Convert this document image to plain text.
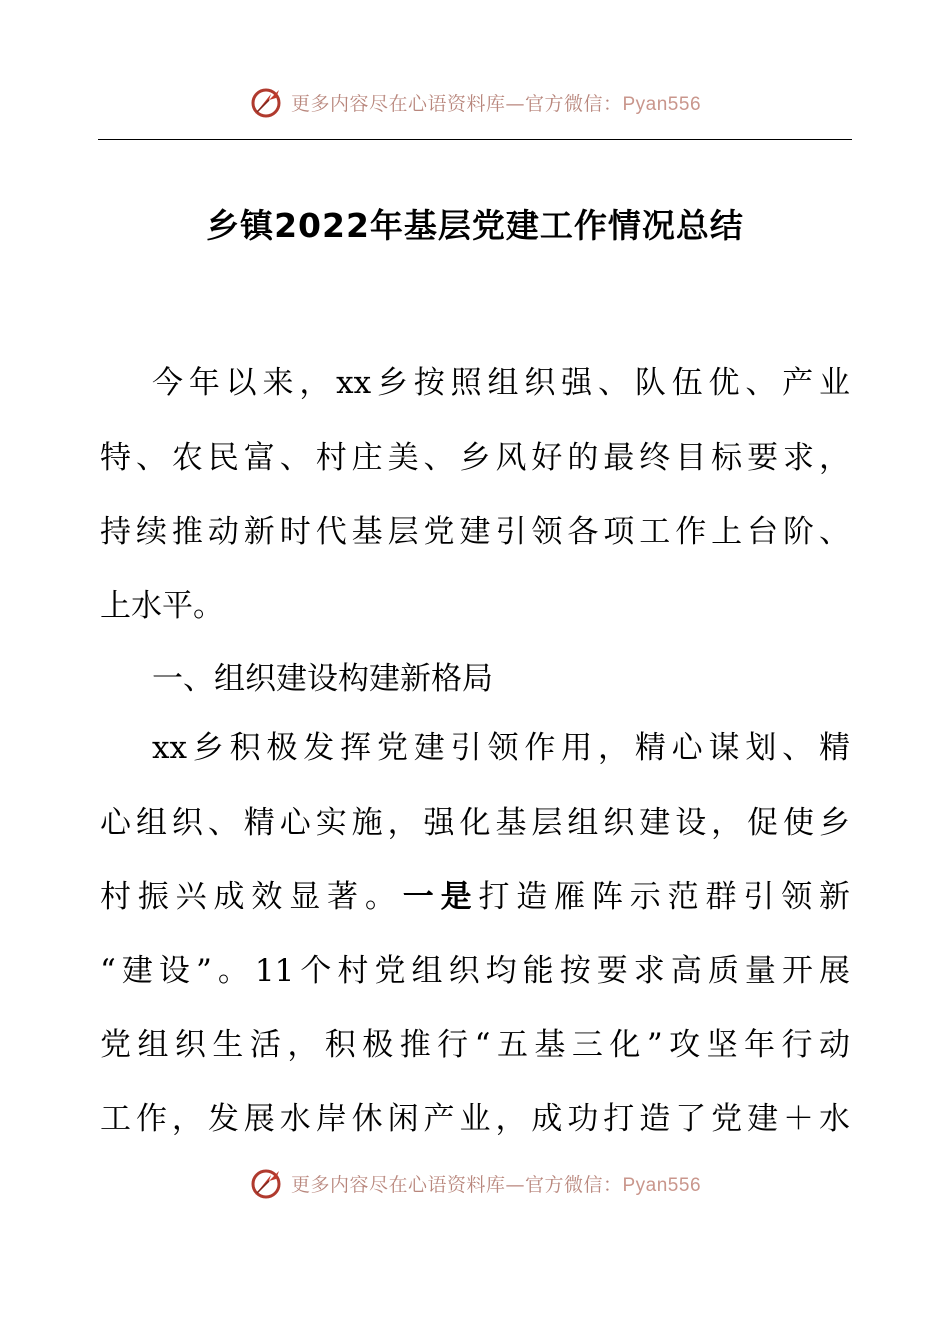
更多内容尽在心语资料库—官方微信：Pyan556
乡镇2022年基层党建工作情况总结
今年以来，xx乡按照组织强、队伍优、产业
特、农民富、村庄美、乡风好的最终目标要求，
持续推动新时代基层党建引领各项工作上台阶、
上水平。
一、组织建设构建新格局
xx乡积极发挥党建引领作用，精心谋划、精
心组织、精心实施，强化基层组织建设，促使乡
村振兴成效显著。一是打造雁阵示范群引领新
“建设”。11个村党组织均能按要求高质量开展
党组织生活，积极推行“五基三化”攻坚年行动
工作，发展水岸休闲产业，成功打造了党建＋水
更多内容尽在心语资料库—官方微信：Pyan556
